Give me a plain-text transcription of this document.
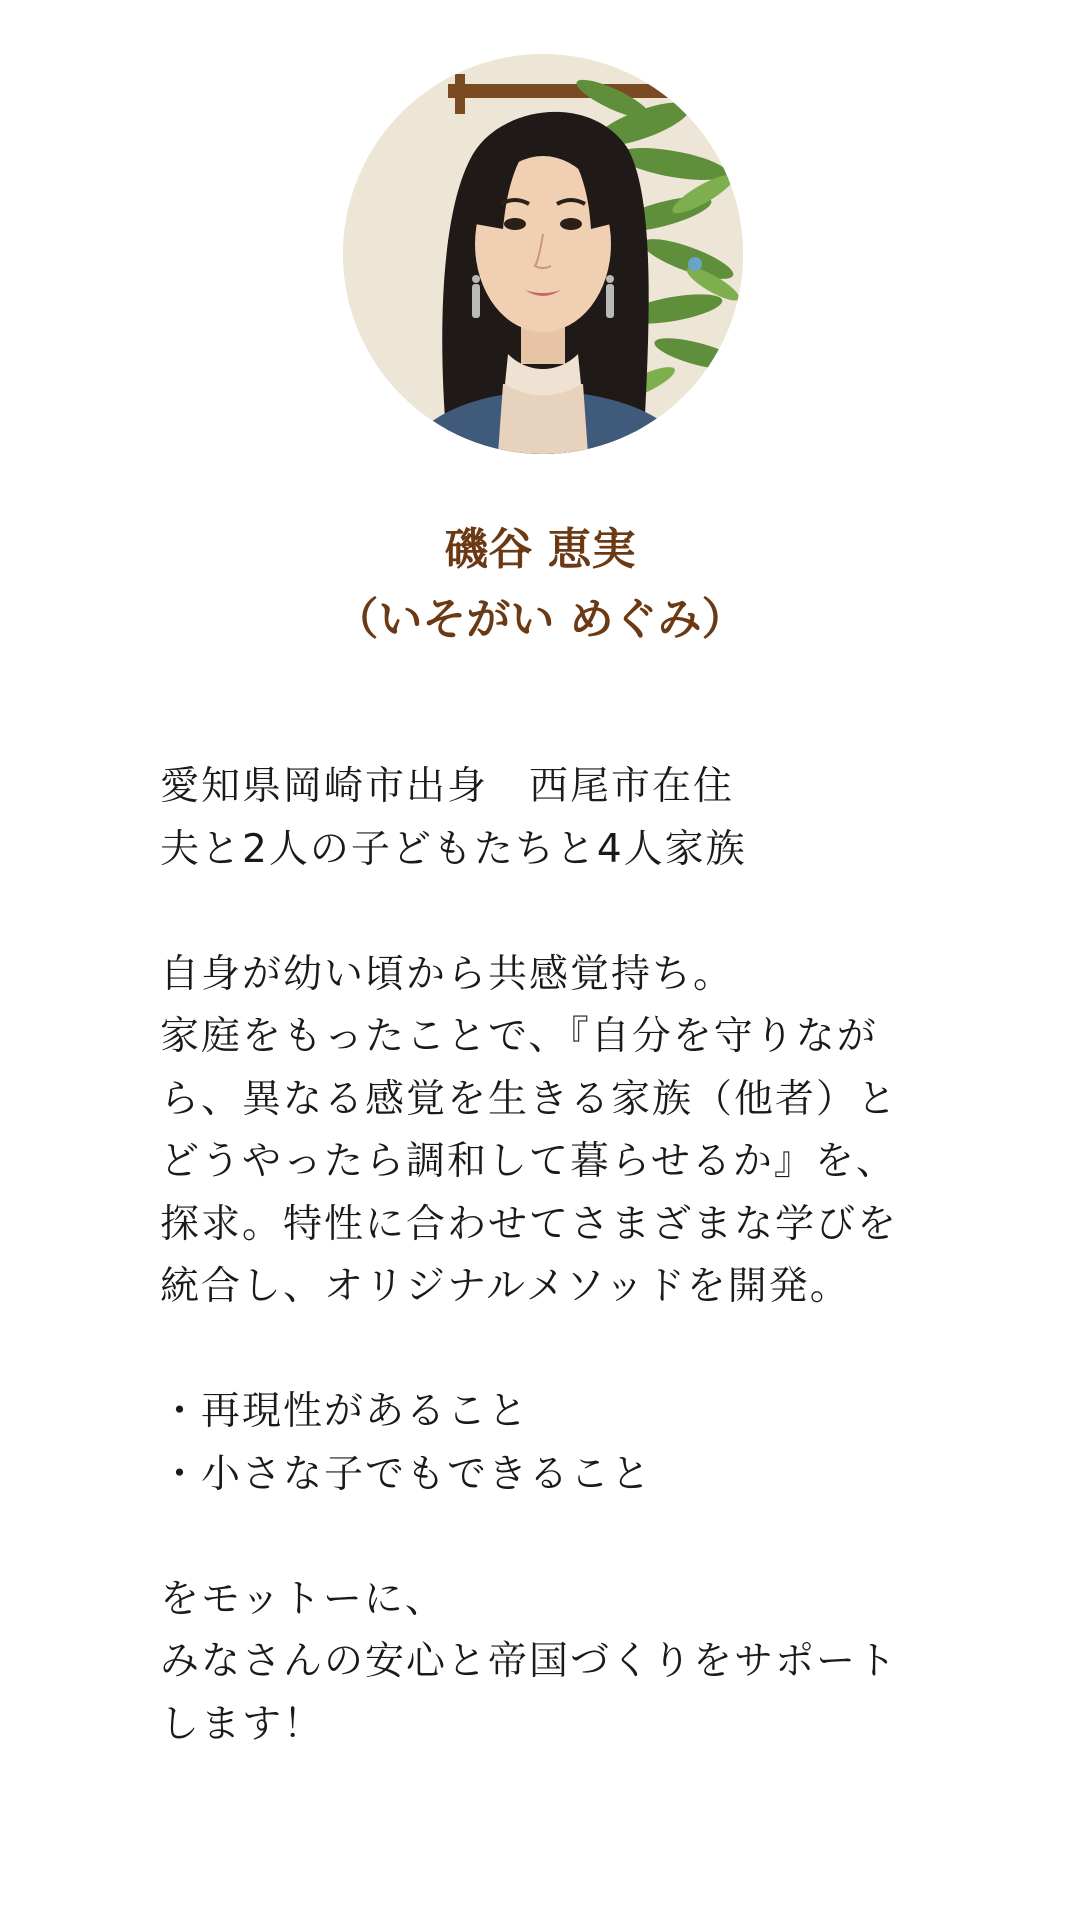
磯谷 恵実
（いそがい めぐみ）
愛知県岡崎市出身　西尾市在住
夫と2人の子どもたちと4人家族
自身が幼い頃から共感覚持ち。
家庭をもったことで、『自分を守りなが
ら、異なる感覚を生きる家族（他者）と
どうやったら調和して暮らせるか』を、
探求。特性に合わせてさまざまな学びを
統合し、オリジナルメソッドを開発。
・再現性があること
・小さな子でもできること
をモットーに、
みなさんの安心と帝国づくりをサポート
します！
